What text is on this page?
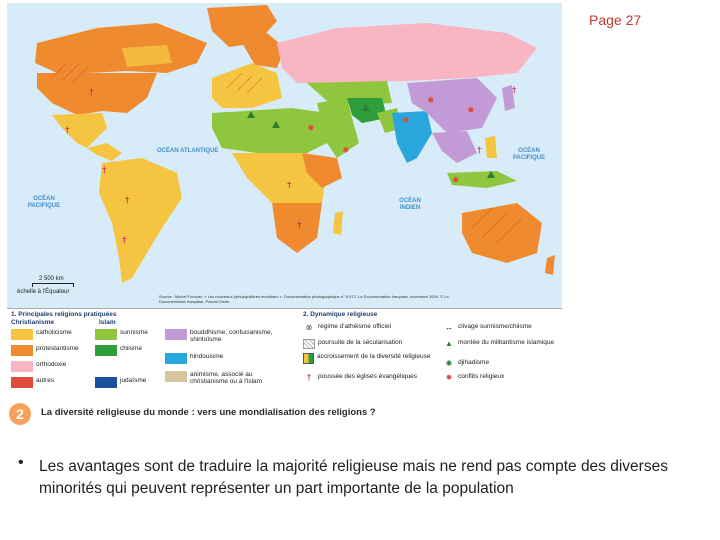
Page 27
†
†
†
†
†
†
†
†
†
✸
✸
✸
✸
✸
✸
OCÉAN ATLANTIQUE
OCÉAN PACIFIQUE
OCÉAN PACIFIQUE
OCÉAN INDIEN
2 500 km
échelle à l'Équateur
Source : Michel Foucher, « Les nouveaux (dés)équilibres mondiaux », Documentation photographique n° 8 072, La Documentation française, novembre 2009. © La Documentation française, Pascal Orcier.
1. Principales religions pratiquées
Christianisme	Islam
catholicisme
protestantisme
orthodoxie
autres
sunnisme
chiisme
judaïsme
bouddhisme, confucianisme, shintoïsme
hindouisme
animisme, associé au christianisme ou à l'islam
2. Dynamique religieuse
⊗ régime d'athéisme officiel
poursuite de la sécularisation
accroissement de la diversité religieuse
†	poussée des églises évangéliques
↔ clivage sunnisme/chiisme
▲ montée du militantisme islamique
✺ djihadisme
✸ conflits religieux
2	La diversité religieuse du monde : vers une mondialisation des religions ?
• Les avantages sont de traduire la majorité religieuse mais ne rend pas compte des diverses minorités qui peuvent représenter un part importante de la population
